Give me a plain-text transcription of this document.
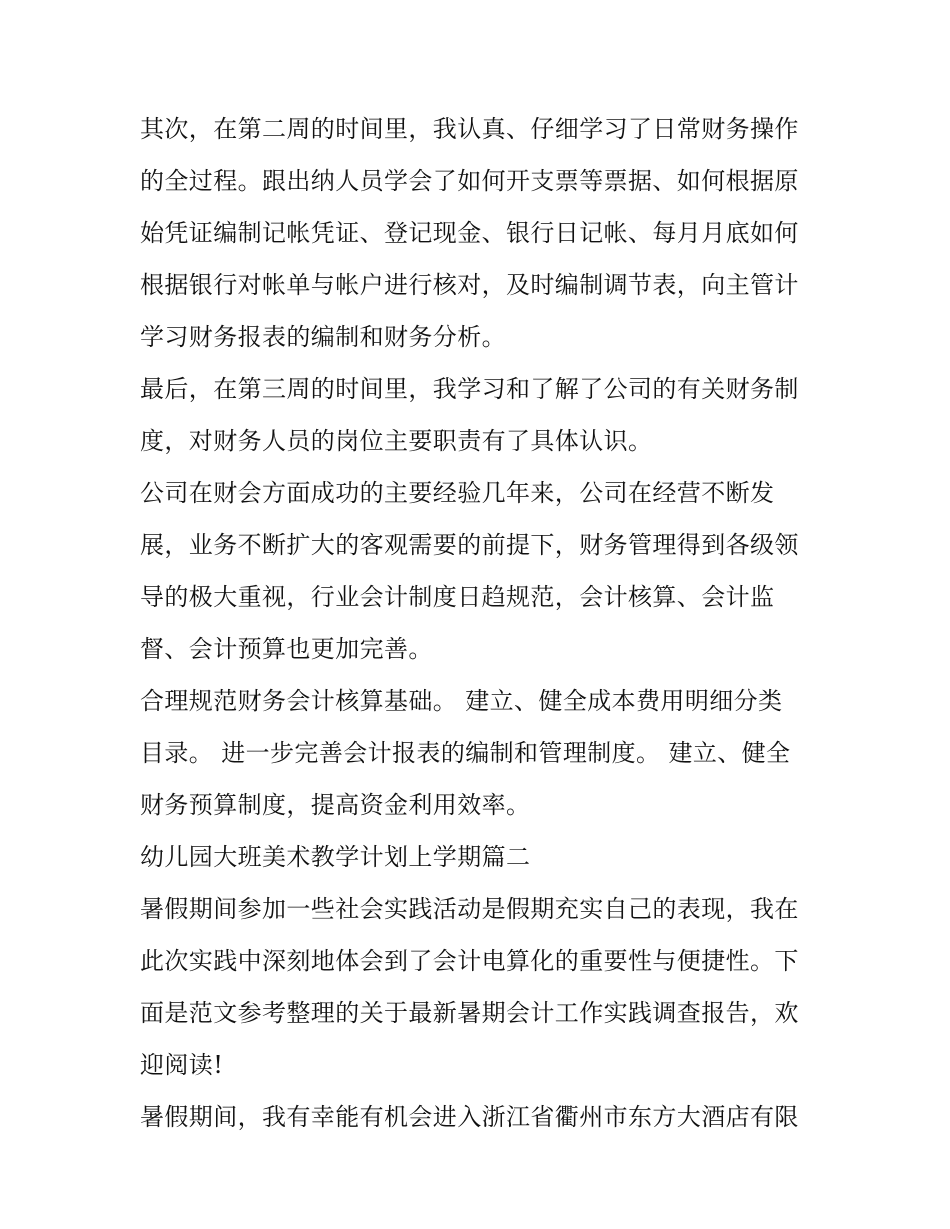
其次，在第二周的时间里，我认真、仔细学习了日常财务操作
的全过程。跟出纳人员学会了如何开支票等票据、如何根据原
始凭证编制记帐凭证、登记现金、银行日记帐、每月月底如何
根据银行对帐单与帐户进行核对，及时编制调节表，向主管计
学习财务报表的编制和财务分析。
最后，在第三周的时间里，我学习和了解了公司的有关财务制
度，对财务人员的岗位主要职责有了具体认识。
公司在财会方面成功的主要经验几年来，公司在经营不断发
展，业务不断扩大的客观需要的前提下，财务管理得到各级领
导的极大重视，行业会计制度日趋规范，会计核算、会计监
督、会计预算也更加完善。
合理规范财务会计核算基础。 建立、健全成本费用明细分类
目录。 进一步完善会计报表的编制和管理制度。 建立、健全
财务预算制度，提高资金利用效率。
幼儿园大班美术教学计划上学期篇二
暑假期间参加一些社会实践活动是假期充实自己的表现，我在
此次实践中深刻地体会到了会计电算化的重要性与便捷性。下
面是范文参考整理的关于最新暑期会计工作实践调查报告，欢
迎阅读!
暑假期间，我有幸能有机会进入浙江省衢州市东方大酒店有限
